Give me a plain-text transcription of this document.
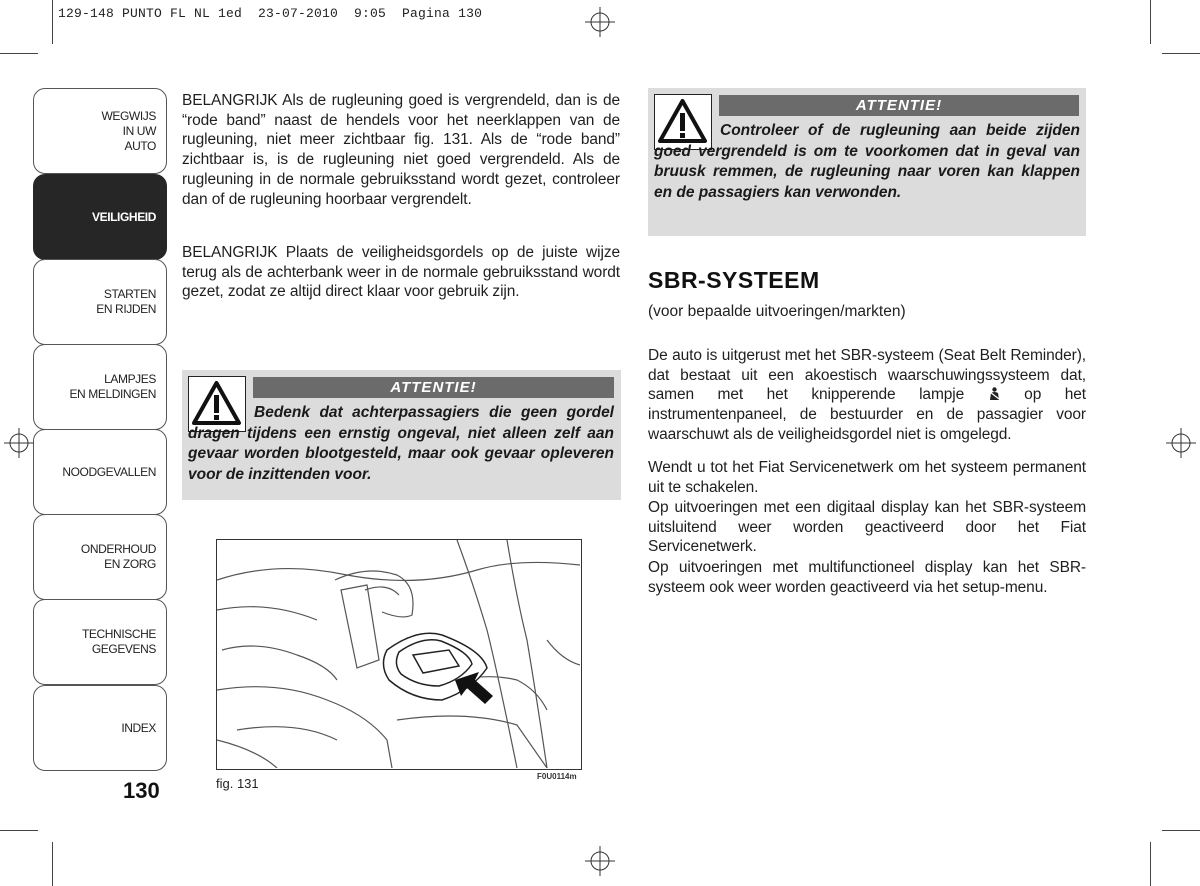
129-148 PUNTO FL NL 1ed  23-07-2010  9:05  Pagina 130
WEGWIJS
IN UW
AUTO
VEILIGHEID
STARTEN
EN RIJDEN
LAMPJES
EN MELDINGEN
NOODGEVALLEN
ONDERHOUD
EN ZORG
TECHNISCHE
GEGEVENS
INDEX
130
BELANGRIJK Als de rugleuning goed is vergrendeld, dan is de “rode band” naast de hendels voor het neerklappen van de rugleuning, niet meer zichtbaar fig. 131. Als de “rode band” zichtbaar is, is de rugleuning niet goed vergrendeld. Als de rugleuning in de normale gebruiksstand wordt gezet, controleer dan of de rugleuning hoorbaar vergrendelt.
BELANGRIJK Plaats de veiligheidsgordels op de juiste wijze terug als de achterbank weer in de normale gebruiksstand wordt gezet, zodat ze altijd direct klaar voor gebruik zijn.
ATTENTIE!
Bedenk dat achterpassagiers die geen gordel dragen tijdens een ernstig ongeval, niet alleen zelf aan gevaar worden blootgesteld, maar ook gevaar opleveren voor de inzittenden voor.
fig. 131	F0U0114m
ATTENTIE!
Controleer of de rugleuning aan beide zijden goed vergrendeld is om te voorkomen dat in geval van bruusk remmen, de rugleuning naar voren kan klappen en de passagiers kan verwonden.
SBR-SYSTEEM
(voor bepaalde uitvoeringen/markten)
De auto is uitgerust met het SBR-systeem (Seat Belt Reminder), dat bestaat uit een akoestisch waarschuwingssysteem dat, samen met het knipperende lampje	op het instrumentenpaneel, de bestuurder en de passagier voor waarschuwt als de veiligheidsgordel niet is omgelegd.
Wendt u tot het Fiat Servicenetwerk om het systeem permanent uit te schakelen.
Op uitvoeringen met een digitaal display kan het SBR-systeem uitsluitend weer worden geactiveerd door het Fiat Servicenetwerk.
Op uitvoeringen met multifunctioneel display kan het SBR-systeem ook weer worden geactiveerd via het setup-menu.
